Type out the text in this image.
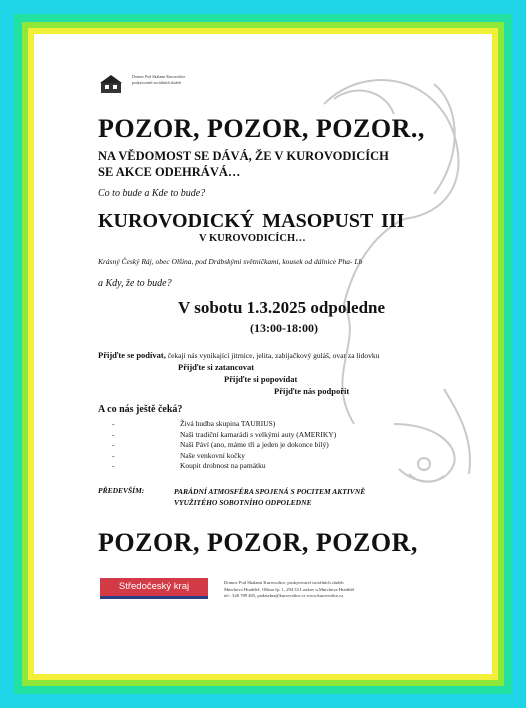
Domov Pod Skalami Kurovodice
poskytovatel sociálních služeb
POZOR, POZOR, POZOR.,
NA VĚDOMOST SE DÁVÁ, ŽE V KUROVODICÍCH
SE AKCE ODEHRÁVÁ…
Co to bude a Kde to bude?
KUROVODICKÝ MASOPUST III
V KUROVODICÍCH…
Krásný Český Ráj, obec Olšina, pod Drábskými světničkami, kousek od dálnice Pha- Lb
a Kdy, že to bude?
V sobotu 1.3.2025 odpoledne
(13:00-18:00)
Přijďte se podívat, čekají nás vynikající jitrnice, jelita, zabijačkový guláš, ovar za lidovku
Přijďte si zatancovat
Přijďte si popovídat
Přijďte nás podpořit
A co nás ještě čeká?
-	Živá hudba skupina TAURIUS)
-	Naši tradiční kamarádi s velkými auty (AMERIKY)
-	Naši Páví (ano, máme tři a jeden je dokonce bílý)
-	Naše venkovní kočky
-	Koupit drobnost na památku
PŘEDEVŠÍM:	PARÁDNÍ ATMOSFÉRA SPOJENÁ S POCITEM AKTIVNĚ
VYUŽITÉHO SOBOTNÍHO ODPOLEDNE
POZOR, POZOR, POZOR,
Středočeský kraj	Domov Pod Skalami Kurovodice, poskytovatel sociálních služeb
Mnichovo Hradiště, Olšina čp. 1, 294 33 Loukov u Mnichova Hradiště
tel.: 326 789 405, podatelna@kurovodice.cz www.kurovodice.cz
